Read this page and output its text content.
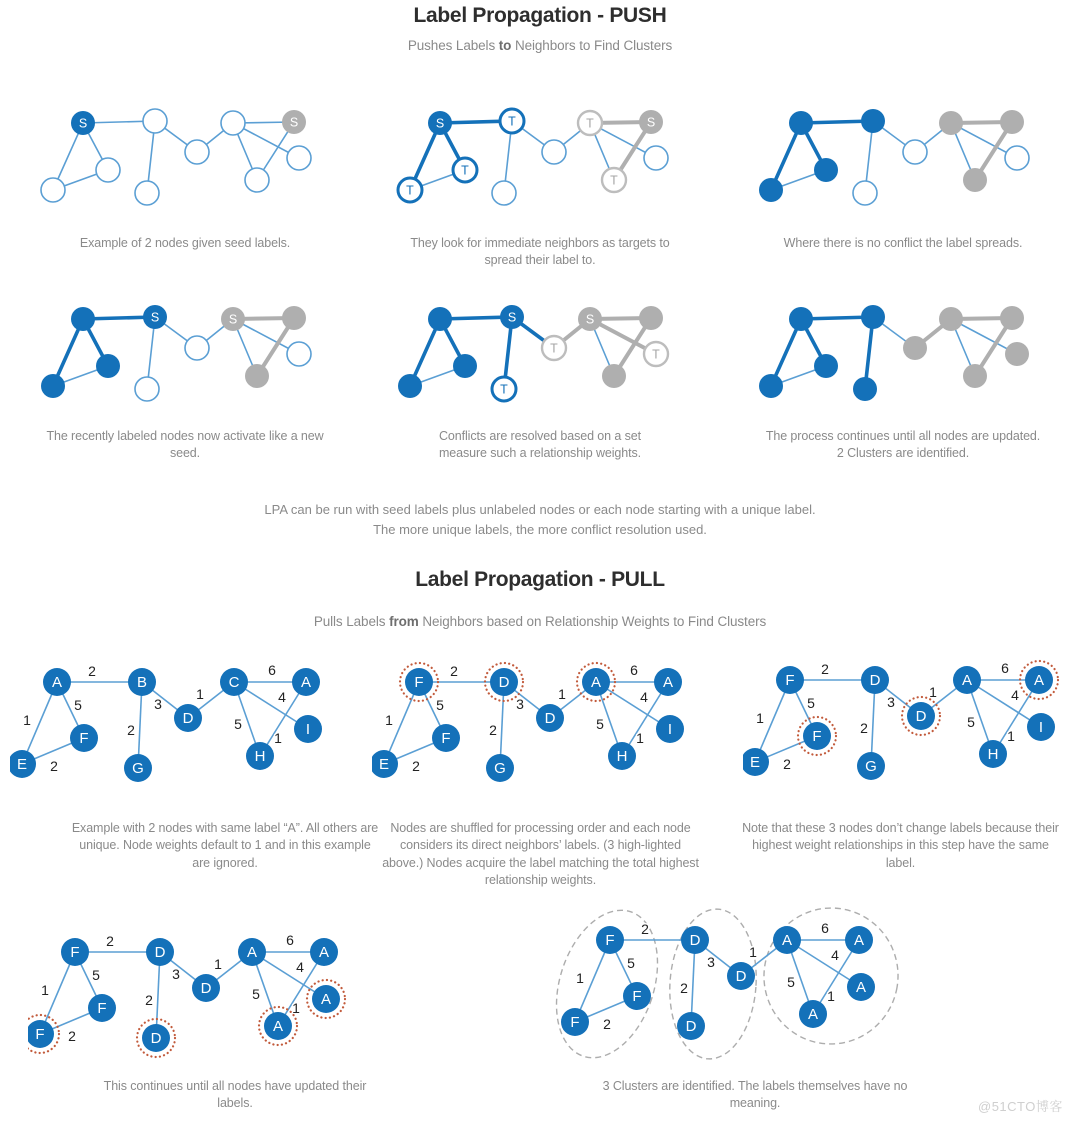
Label Propagation - PUSH
Pushes Labels to Neighbors to Find Clusters
S	S	S	T
T
T
T	S
T
Example of 2 nodes given seed labels.	They look for immediate neighbors as targets to spread their label to.
Where there is no conflict the label spreads.
S	S	S
T
T
S
T
The recently labeled nodes now activate like a new seed.
Conflicts are resolved based on a set measure such a relationship weights.
The process continues until all nodes are updated. 2 Clusters are identified.
LPA can be run with seed labels plus unlabeled nodes or each node starting with a unique label.
The more unique labels, the more conflict resolution used.
Label Propagation - PULL
Pulls Labels from Neighbors based on Relationship Weights to Find Clusters
2
1
5
2
3
2
1
6
4
5
1
A	B	C	A
D
F
E	G
H
I
2
1
5
2
3
2
1
6
4
5
1
F	D	A	A
D
F
E	G
H
I
2
1
5
2
3
2
1
6
4
5
1
F	D	A	A
D
F
E	G
H
I
Example with 2 nodes with same label “A”. All others are unique. Node weights default to 1 and in this example are ignored.
Nodes are shuffled for processing order and each node considers its direct neighbors’ labels. (3 high-lighted above.) Nodes acquire the label matching the total highest relationship weights.
Note that these 3 nodes don’t change labels because their highest weight relationships in this step have the same label.
2
1
5
2
3
2
1
6
4
5
1
F	D	A	A
D
F
F	D
A
A
2
1
5
2
3
2
1
6
4
5
1
F	D	A	A
D
F
F	D
A
A
This continues until all nodes have updated their labels.
3 Clusters are identified. The labels themselves have no meaning.	@51CTO博客
